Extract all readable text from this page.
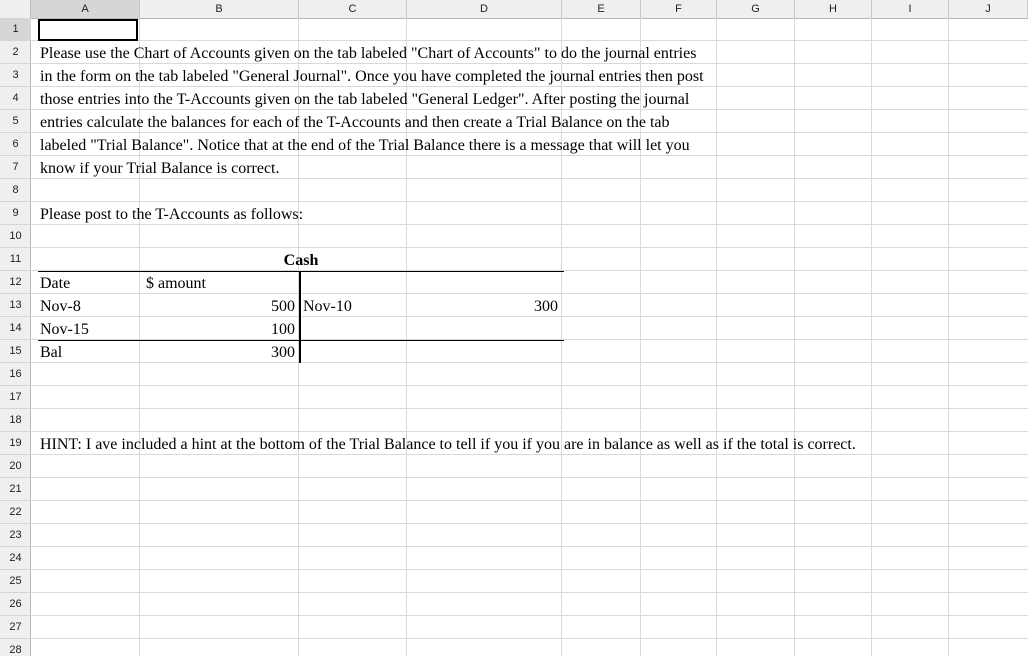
A	B	C	D	E	F	G	H	I	J
1
2
3
4
5
6
7
8
9
10
11
12
13
14
15
16
17
18
19
20
21
22
23
24
25
26
27
28
Please use the Chart of Accounts given on the tab labeled "Chart of Accounts" to do the journal entries
in the form on the tab labeled "General Journal". Once you have completed the journal entries then post
those entries into the T-Accounts given on the tab labeled "General Ledger". After posting the journal
entries calculate the balances for each of the T-Accounts and then create a Trial Balance on the tab
labeled "Trial Balance". Notice that at the end of the Trial Balance there is a message that will let you
know if your Trial Balance is correct.
Please post to the T-Accounts as follows:
Cash
Date	$ amount
Nov-8	500 Nov-10	300
Nov-15	100
Bal	300
HINT: I ave included a hint at the bottom of the Trial Balance to tell if you if you are in balance as well as if the total is correct.
